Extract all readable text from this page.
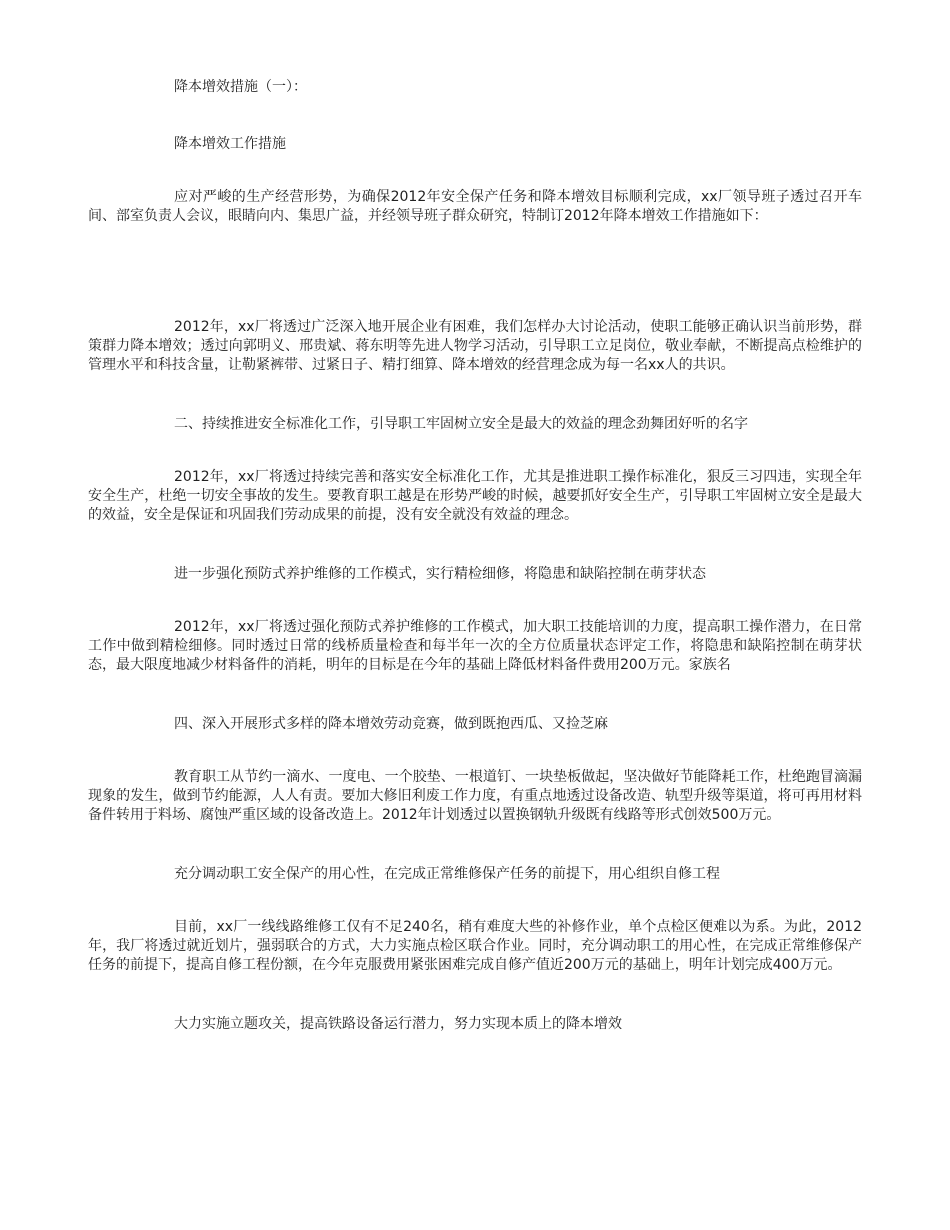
降本增效措施（一）：

降本增效工作措施

应对严峻的生产经营形势，为确保2012年安全保产任务和降本增效目标顺利完成，xx厂领导班子透过召开车间、部室负责人会议，眼睛向内、集思广益，并经领导班子群众研究，特制订2012年降本增效工作措施如下：

2012年，xx厂将透过广泛深入地开展企业有困难，我们怎样办大讨论活动，使职工能够正确认识当前形势，群策群力降本增效；透过向郭明义、邢贵斌、蒋东明等先进人物学习活动，引导职工立足岗位，敬业奉献，不断提高点检维护的管理水平和科技含量，让勒紧裤带、过紧日子、精打细算、降本增效的经营理念成为每一名xx人的共识。

二、持续推进安全标准化工作，引导职工牢固树立安全是最大的效益的理念劲舞团好听的名字

2012年，xx厂将透过持续完善和落实安全标准化工作，尤其是推进职工操作标准化，狠反三习四违，实现全年安全生产，杜绝一切安全事故的发生。要教育职工越是在形势严峻的时候，越要抓好安全生产，引导职工牢固树立安全是最大的效益，安全是保证和巩固我们劳动成果的前提，没有安全就没有效益的理念。

进一步强化预防式养护维修的工作模式，实行精检细修，将隐患和缺陷控制在萌芽状态

2012年，xx厂将透过强化预防式养护维修的工作模式，加大职工技能培训的力度，提高职工操作潜力，在日常工作中做到精检细修。同时透过日常的线桥质量检查和每半年一次的全方位质量状态评定工作，将隐患和缺陷控制在萌芽状态，最大限度地减少材料备件的消耗，明年的目标是在今年的基础上降低材料备件费用200万元。家族名

四、深入开展形式多样的降本增效劳动竞赛，做到既抱西瓜、又捡芝麻

教育职工从节约一滴水、一度电、一个胶垫、一根道钉、一块垫板做起，坚决做好节能降耗工作，杜绝跑冒滴漏现象的发生，做到节约能源，人人有责。要加大修旧利废工作力度，有重点地透过设备改造、轨型升级等渠道，将可再用材料备件转用于料场、腐蚀严重区域的设备改造上。2012年计划透过以置换钢轨升级既有线路等形式创效500万元。

充分调动职工安全保产的用心性，在完成正常维修保产任务的前提下，用心组织自修工程

目前，xx厂一线线路维修工仅有不足240名，稍有难度大些的补修作业，单个点检区便难以为系。为此，2012年，我厂将透过就近划片，强弱联合的方式，大力实施点检区联合作业。同时，充分调动职工的用心性，在完成正常维修保产任务的前提下，提高自修工程份额，在今年克服费用紧张困难完成自修产值近200万元的基础上，明年计划完成400万元。

大力实施立题攻关，提高铁路设备运行潜力，努力实现本质上的降本增效
